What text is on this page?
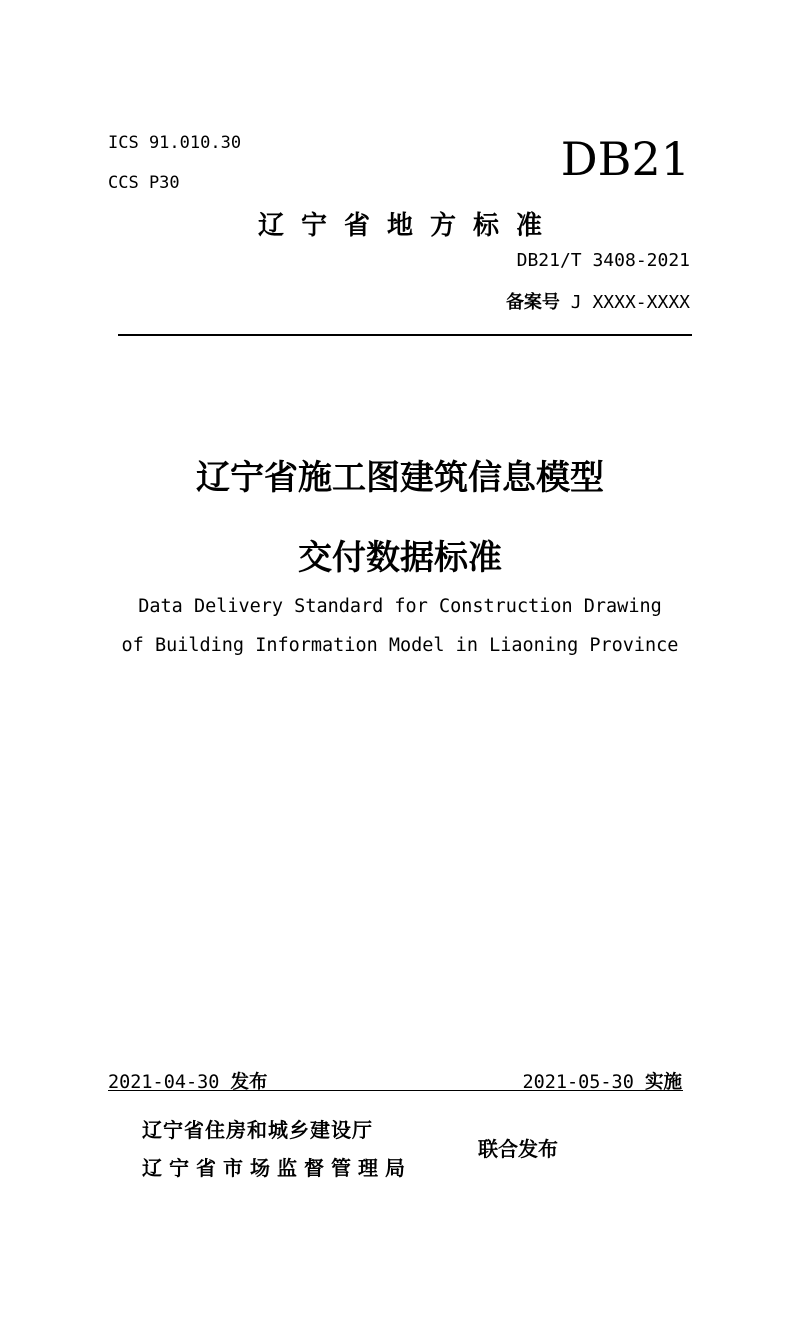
ICS 91.010.30
CCS P30	DB21
辽宁省地方标准
DB21/T 3408-2021
备案号 J XXXX-XXXX
辽宁省施工图建筑信息模型
交付数据标准
Data Delivery Standard for Construction Drawing
of Building Information Model in Liaoning Province
2021-04-30 发布	2021-05-30 实施
辽宁省住房和城乡建设厅
辽宁省市场监督管理局
联合发布
